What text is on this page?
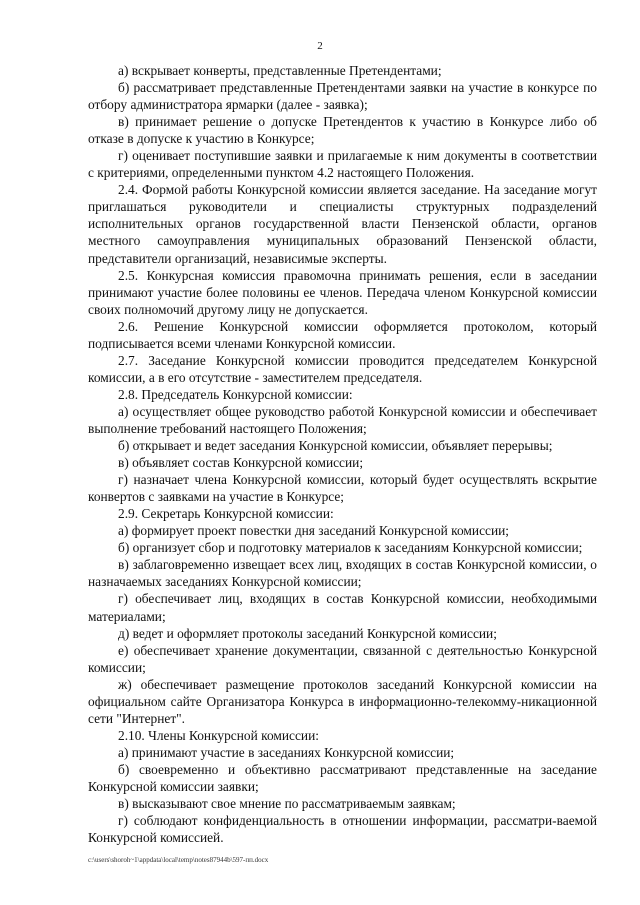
2

а) вскрывает конверты, представленные Претендентами;

б) рассматривает представленные Претендентами заявки на участие в конкурсе по отбору администратора ярмарки (далее - заявка);

в) принимает решение о допуске Претендентов к участию в Конкурсе либо об отказе в допуске к участию в Конкурсе;

г) оценивает поступившие заявки и прилагаемые к ним документы в соответствии с критериями, определенными пунктом 4.2 настоящего Положения.

2.4. Формой работы Конкурсной комиссии является заседание. На заседание могут приглашаться руководители и специалисты структурных подразделений исполнительных органов государственной власти Пензенской области, органов местного самоуправления муниципальных образований Пензенской области, представители организаций, независимые эксперты.

2.5. Конкурсная комиссия правомочна принимать решения, если в заседании принимают участие более половины ее членов. Передача членом Конкурсной комиссии своих полномочий другому лицу не допускается.

2.6. Решение Конкурсной комиссии оформляется протоколом, который подписывается всеми членами Конкурсной комиссии.

2.7. Заседание Конкурсной комиссии проводится председателем Конкурсной комиссии, а в его отсутствие - заместителем председателя.

2.8. Председатель Конкурсной комиссии:

а) осуществляет общее руководство работой Конкурсной комиссии и обеспечивает выполнение требований настоящего Положения;

б) открывает и ведет заседания Конкурсной комиссии, объявляет перерывы;

в) объявляет состав Конкурсной комиссии;

г) назначает члена Конкурсной комиссии, который будет осуществлять вскрытие конвертов с заявками на участие в Конкурсе;

2.9. Секретарь Конкурсной комиссии:

а) формирует проект повестки дня заседаний Конкурсной комиссии;

б) организует сбор и подготовку материалов к заседаниям Конкурсной комиссии;

в) заблаговременно извещает всех лиц, входящих в состав Конкурсной комиссии, о назначаемых заседаниях Конкурсной комиссии;

г) обеспечивает лиц, входящих в состав Конкурсной комиссии, необходимыми материалами;

д) ведет и оформляет протоколы заседаний Конкурсной комиссии;

е) обеспечивает хранение документации, связанной с деятельностью Конкурсной комиссии;

ж) обеспечивает размещение протоколов заседаний Конкурсной комиссии на официальном сайте Организатора Конкурса в информационно-телекомму-никационной сети "Интернет".

2.10. Члены Конкурсной комиссии:

а) принимают участие в заседаниях Конкурсной комиссии;

б) своевременно и объективно рассматривают представленные на заседание Конкурсной комиссии заявки;

в) высказывают свое мнение по рассматриваемым заявкам;

г) соблюдают конфиденциальность в отношении информации, рассматри-ваемой Конкурсной комиссией.

c:\users\shoroh~1\appdata\local\temp\notes87944b\597-пп.docx
